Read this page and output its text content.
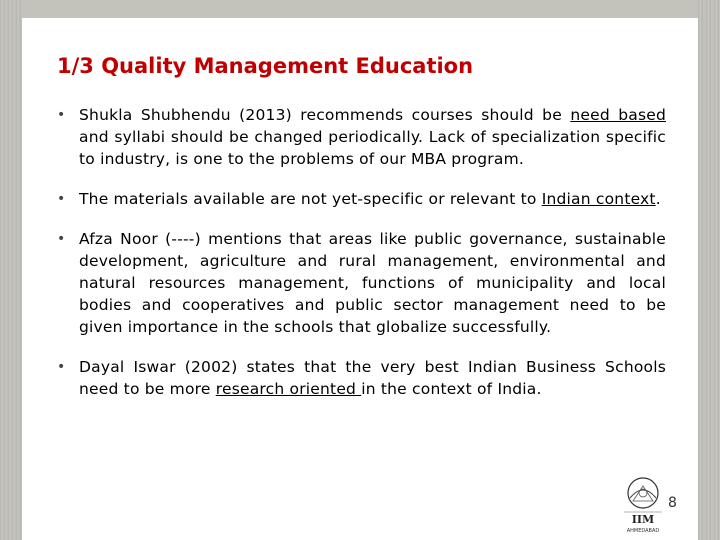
1/3 Quality Management Education
• Shukla Shubhendu (2013) recommends courses should be need based and syllabi should be changed periodically. Lack of specialization specific to industry, is one to the problems of our MBA program.
• The materials available are not yet-specific or relevant to Indian context.
• Afza Noor (----) mentions that areas like public governance, sustainable development, agriculture and rural management, environmental and natural resources management, functions of municipality and local bodies and cooperatives and public sector management need to be given importance in the schools that globalize successfully.
• Dayal Iswar (2002) states that the very best Indian Business Schools need to be more research oriented in the context of India.
IIM
AHMEDABAD
8
